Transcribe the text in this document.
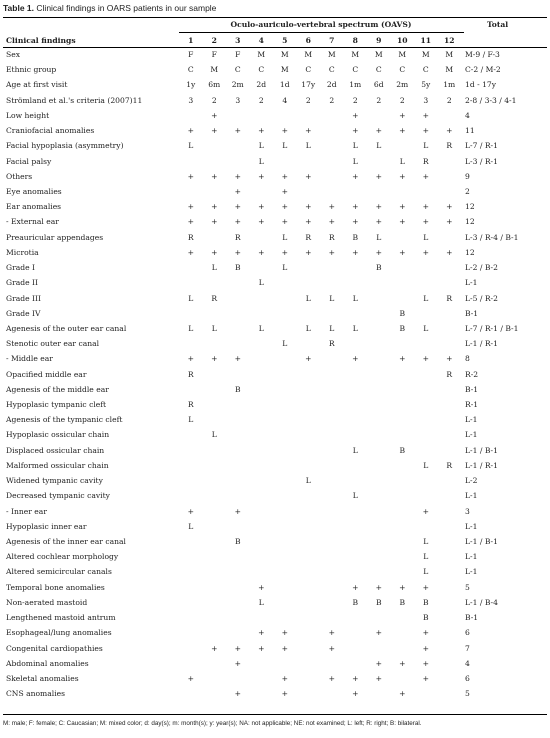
Table 1. Clinical findings in OARS patients in our sample
Oculo-auriculo-vertebral spectrum (OAVS)	Total
Clinical findings	1	2	3	4	5	6	7	8	9	10	11	12	
Sex	F	F	F	M	M	M	M	M	M	M	M	M	M-9 / F-3
Ethnic group	C	M	C	C	M	C	C	C	C	C	C	M	C-2 / M-2
Age at first visit	1y	6m	2m	2d	1d	17y	2d	1m	6d	2m	5y	1m	1d - 17y
Strömland et al.'s criteria (2007)11	3	2	3	2	4	2	2	2	2	2	3	2	2-8 / 3-3 / 4-1
Low height		+						+		+	+		4
Craniofacial anomalies	+	+	+	+	+	+		+	+	+	+	+	11
Facial hypoplasia (asymmetry)	L			L	L	L		L	L		L	R	L-7 / R-1
Facial palsy				L				L		L	R		L-3 / R-1
Others	+	+	+	+	+	+		+	+	+	+		9
Eye anomalies			+		+								2
Ear anomalies	+	+	+	+	+	+	+	+	+	+	+	+	12
- External ear	+	+	+	+	+	+	+	+	+	+	+	+	12
Preauricular appendages	R		R		L	R	R	B	L		L		L-3 / R-4 / B-1
Microtia	+	+	+	+	+	+	+	+	+	+	+	+	12
Grade I		L	B		L				B				L-2 / B-2
Grade II				L									L-1
Grade III	L	R				L	L	L			L	R	L-5 / R-2
Grade IV										B			B-1
Agenesis of the outer ear canal	L	L		L		L	L	L		B	L		L-7 / R-1 / B-1
Stenotic outer ear canal					L		R						L-1 / R-1
- Middle ear	+	+	+			+		+		+	+	+	8
Opacified middle ear	R											R	R-2
Agenesis of the middle ear			B										B-1
Hypoplasic tympanic cleft	R												R-1
Agenesis of the tympanic cleft	L												L-1
Hypoplasic ossicular chain		L											L-1
Displaced ossicular chain								L		B			L-1 / B-1
Malformed ossicular chain											L	R	L-1 / R-1
Widened tympanic cavity						L							L-2
Decreased tympanic cavity								L					L-1
- Inner ear	+		+								+		3
Hypoplasic inner ear	L												L-1
Agenesis of the inner ear canal			B								L		L-1 / B-1
Altered cochlear morphology											L		L-1
Altered semicircular canals											L		L-1
Temporal bone anomalies				+				+	+	+	+		5
Non-aerated mastoid				L				B	B	B	B		L-1 / B-4
Lengthened mastoid antrum											B		B-1
Esophageal/lung anomalies				+	+		+		+		+		6
Congenital cardiopathies		+	+	+	+		+				+		7
Abdominal anomalies			+						+	+	+		4
Skeletal anomalies	+				+		+	+	+		+		6
CNS anomalies			+		+			+		+			5
M: male; F: female; C: Caucasian; M: mixed color; d: day(s); m: month(s); y: year(s); NA: not applicable; NE: not examined; L: left; R: right; B: bilateral.
